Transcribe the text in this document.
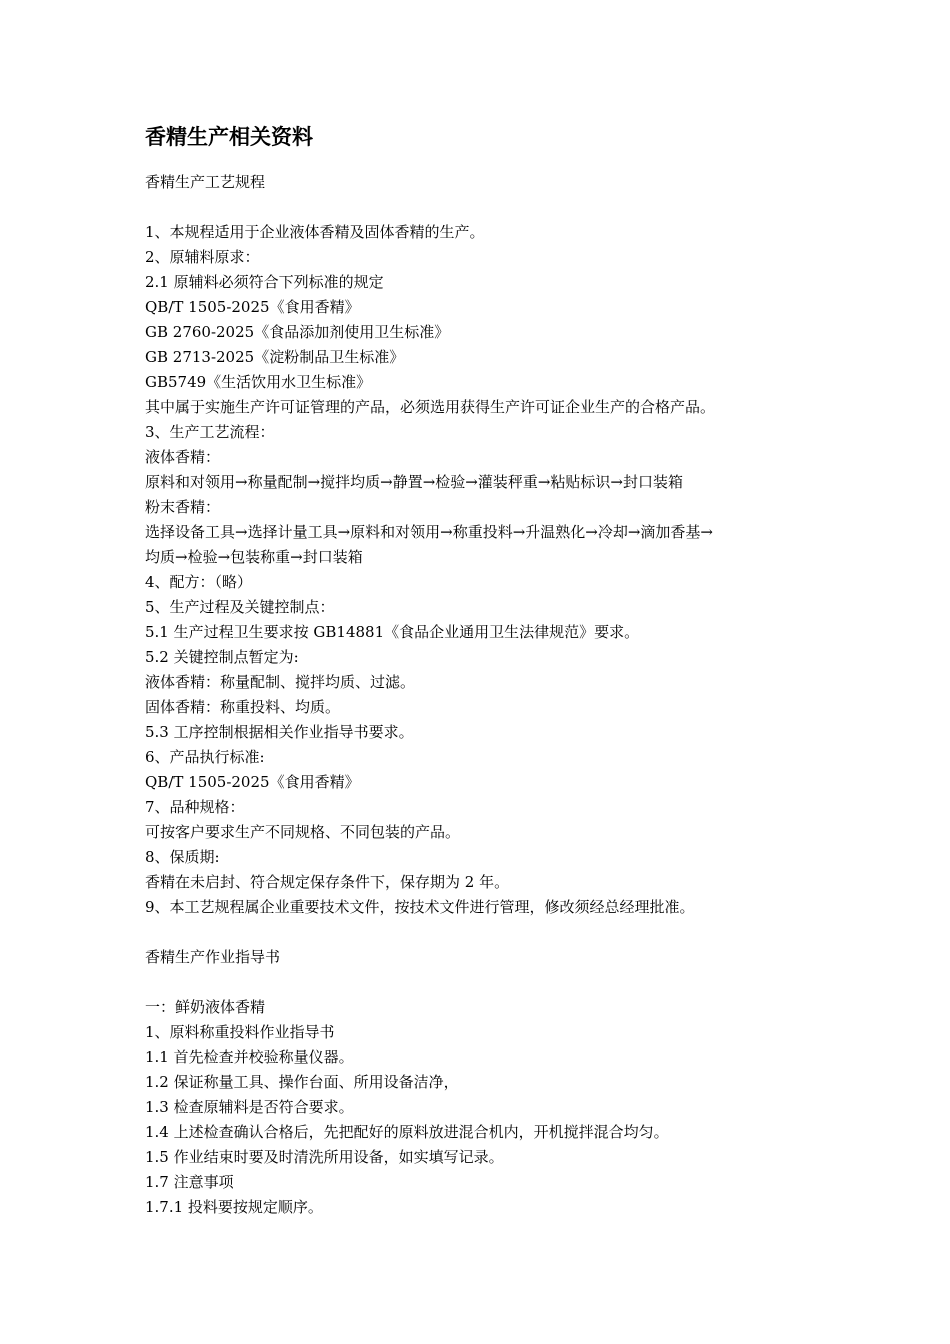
香精生产相关资料
香精生产工艺规程
1、本规程适用于企业液体香精及固体香精的生产。
2、原辅料原求：
2.1 原辅料必须符合下列标准的规定
QB/T 1505-2025《食用香精》
GB 2760-2025《食品添加剂使用卫生标准》
GB 2713-2025《淀粉制品卫生标准》
GB5749《生活饮用水卫生标准》
其中属于实施生产许可证管理的产品，必须选用获得生产许可证企业生产的合格产品。
3、生产工艺流程：
液体香精：
原料和对领用→称量配制→搅拌均质→静置→检验→灌装秤重→粘贴标识→封口装箱
粉末香精：
选择设备工具→选择计量工具→原料和对领用→称重投料→升温熟化→冷却→滴加香基→
均质→检验→包装称重→封口装箱
4、配方：（略）
5、生产过程及关键控制点：
5.1 生产过程卫生要求按 GB14881《食品企业通用卫生法律规范》要求。
5.2 关键控制点暂定为:
液体香精：称量配制、搅拌均质、过滤。
固体香精：称重投料、均质。
5.3 工序控制根据相关作业指导书要求。
6、产品执行标准:
QB/T 1505-2025《食用香精》
7、品种规格：
可按客户要求生产不同规格、不同包装的产品。
8、保质期:
香精在未启封、符合规定保存条件下，保存期为 2 年。
9、本工艺规程属企业重要技术文件，按技术文件进行管理，修改须经总经理批准。
香精生产作业指导书
一：鲜奶液体香精
1、原料称重投料作业指导书
1.1 首先检查并校验称量仪器。
1.2 保证称量工具、操作台面、所用设备洁净，
1.3 检查原辅料是否符合要求。
1.4 上述检查确认合格后，先把配好的原料放进混合机内，开机搅拌混合均匀。
1.5 作业结束时要及时清洗所用设备，如实填写记录。
1.7 注意事项
1.7.1 投料要按规定顺序。
